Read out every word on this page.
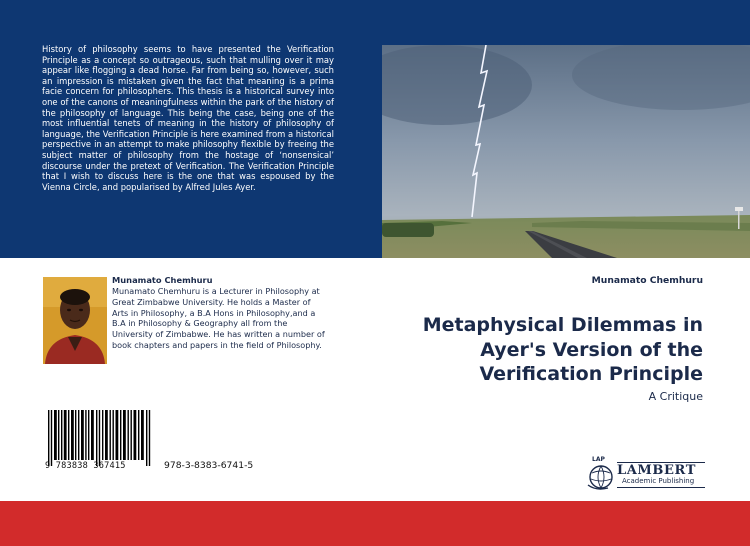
History of philosophy seems to have presented the Verification Principle as a concept so outrageous, such that mulling over it may appear like flogging a dead horse. Far from being so, however, such an impression is mistaken given the fact that meaning is a prima facie concern for philosophers. This thesis is a historical survey into one of the canons of meaningfulness within the park of the history of the philosophy of language. This being the case, being one of the most influential tenets of meaning in the history of philosophy of language, the Verification Principle is here examined from a historical perspective in an attempt to make philosophy flexible by freeing the subject matter of philosophy from the hostage of ‘nonsensical’ discourse under the pretext of Verification. The Verification Principle that I wish to discuss here is the one that was espoused by the Vienna Circle, and popularised by Alfred Jules Ayer.

Munamato Chemhuru

Munamato Chemhuru is a Lecturer in Philosophy at Great Zimbabwe University. He holds a Master of Arts in Philosophy, a B.A Hons in Philosophy,and a B.A in Philosophy & Geography all from the University of Zimbabwe. He has written a number of book chapters and papers in the field of Philosophy.

9 783838 367415	978-3-8383-6741-5

Munamato Chemhuru

Metaphysical Dilemmas in Ayer's Version of the Verification Principle

A Critique

LAP

LAMBERT

Academic Publishing
